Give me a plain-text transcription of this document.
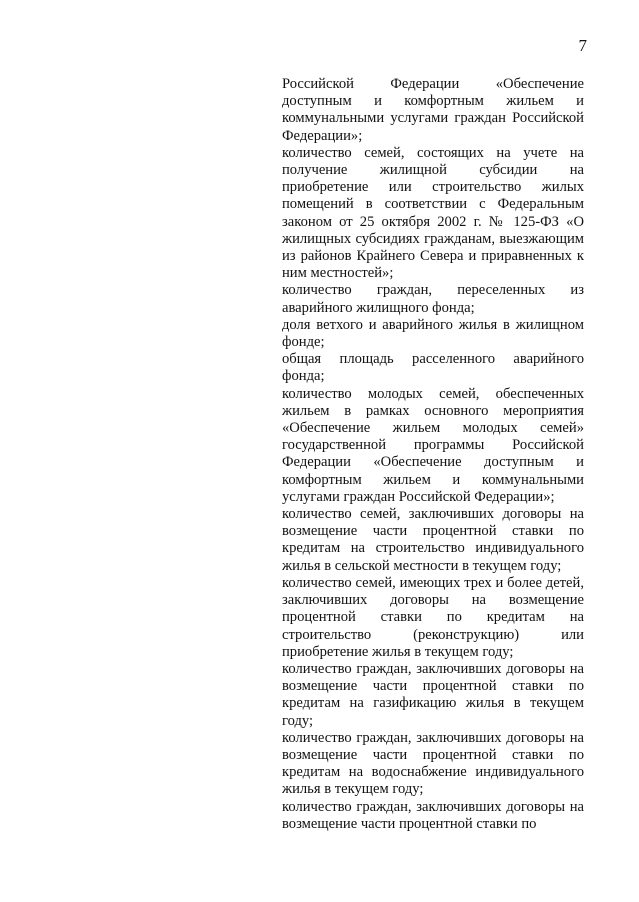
7

Российской Федерации «Обеспечение доступным и комфортным жильем и коммунальными услугами граждан Российской Федерации»;

количество семей, состоящих на учете на получение жилищной субсидии на приобретение или строительство жилых помещений в соответствии с Федеральным законом от 25 октября 2002 г. № 125-ФЗ «О жилищных субсидиях гражданам, выезжающим из районов Крайнего Севера и приравненных к ним местностей»;

количество граждан, переселенных из аварийного жилищного фонда;

доля ветхого и аварийного жилья в жилищном фонде;

общая площадь расселенного аварийного фонда;

количество молодых семей, обеспеченных жильем в рамках основного мероприятия «Обеспечение жильем молодых семей» государственной программы Российской Федерации «Обеспечение доступным и комфортным жильем и коммунальными услугами граждан Российской Федерации»;

количество семей, заключивших договоры на возмещение части процентной ставки по кредитам на строительство индивидуального жилья в сельской местности в текущем году;

количество семей, имеющих трех и более детей, заключивших договоры на возмещение процентной ставки по кредитам на строительство (реконструкцию) или приобретение жилья в текущем году;

количество граждан, заключивших договоры на возмещение части процентной ставки по кредитам на газификацию жилья в текущем году;

количество граждан, заключивших договоры на возмещение части процентной ставки по кредитам на водоснабжение индивидуального жилья в текущем году;

количество граждан, заключивших договоры на возмещение части процентной ставки по
